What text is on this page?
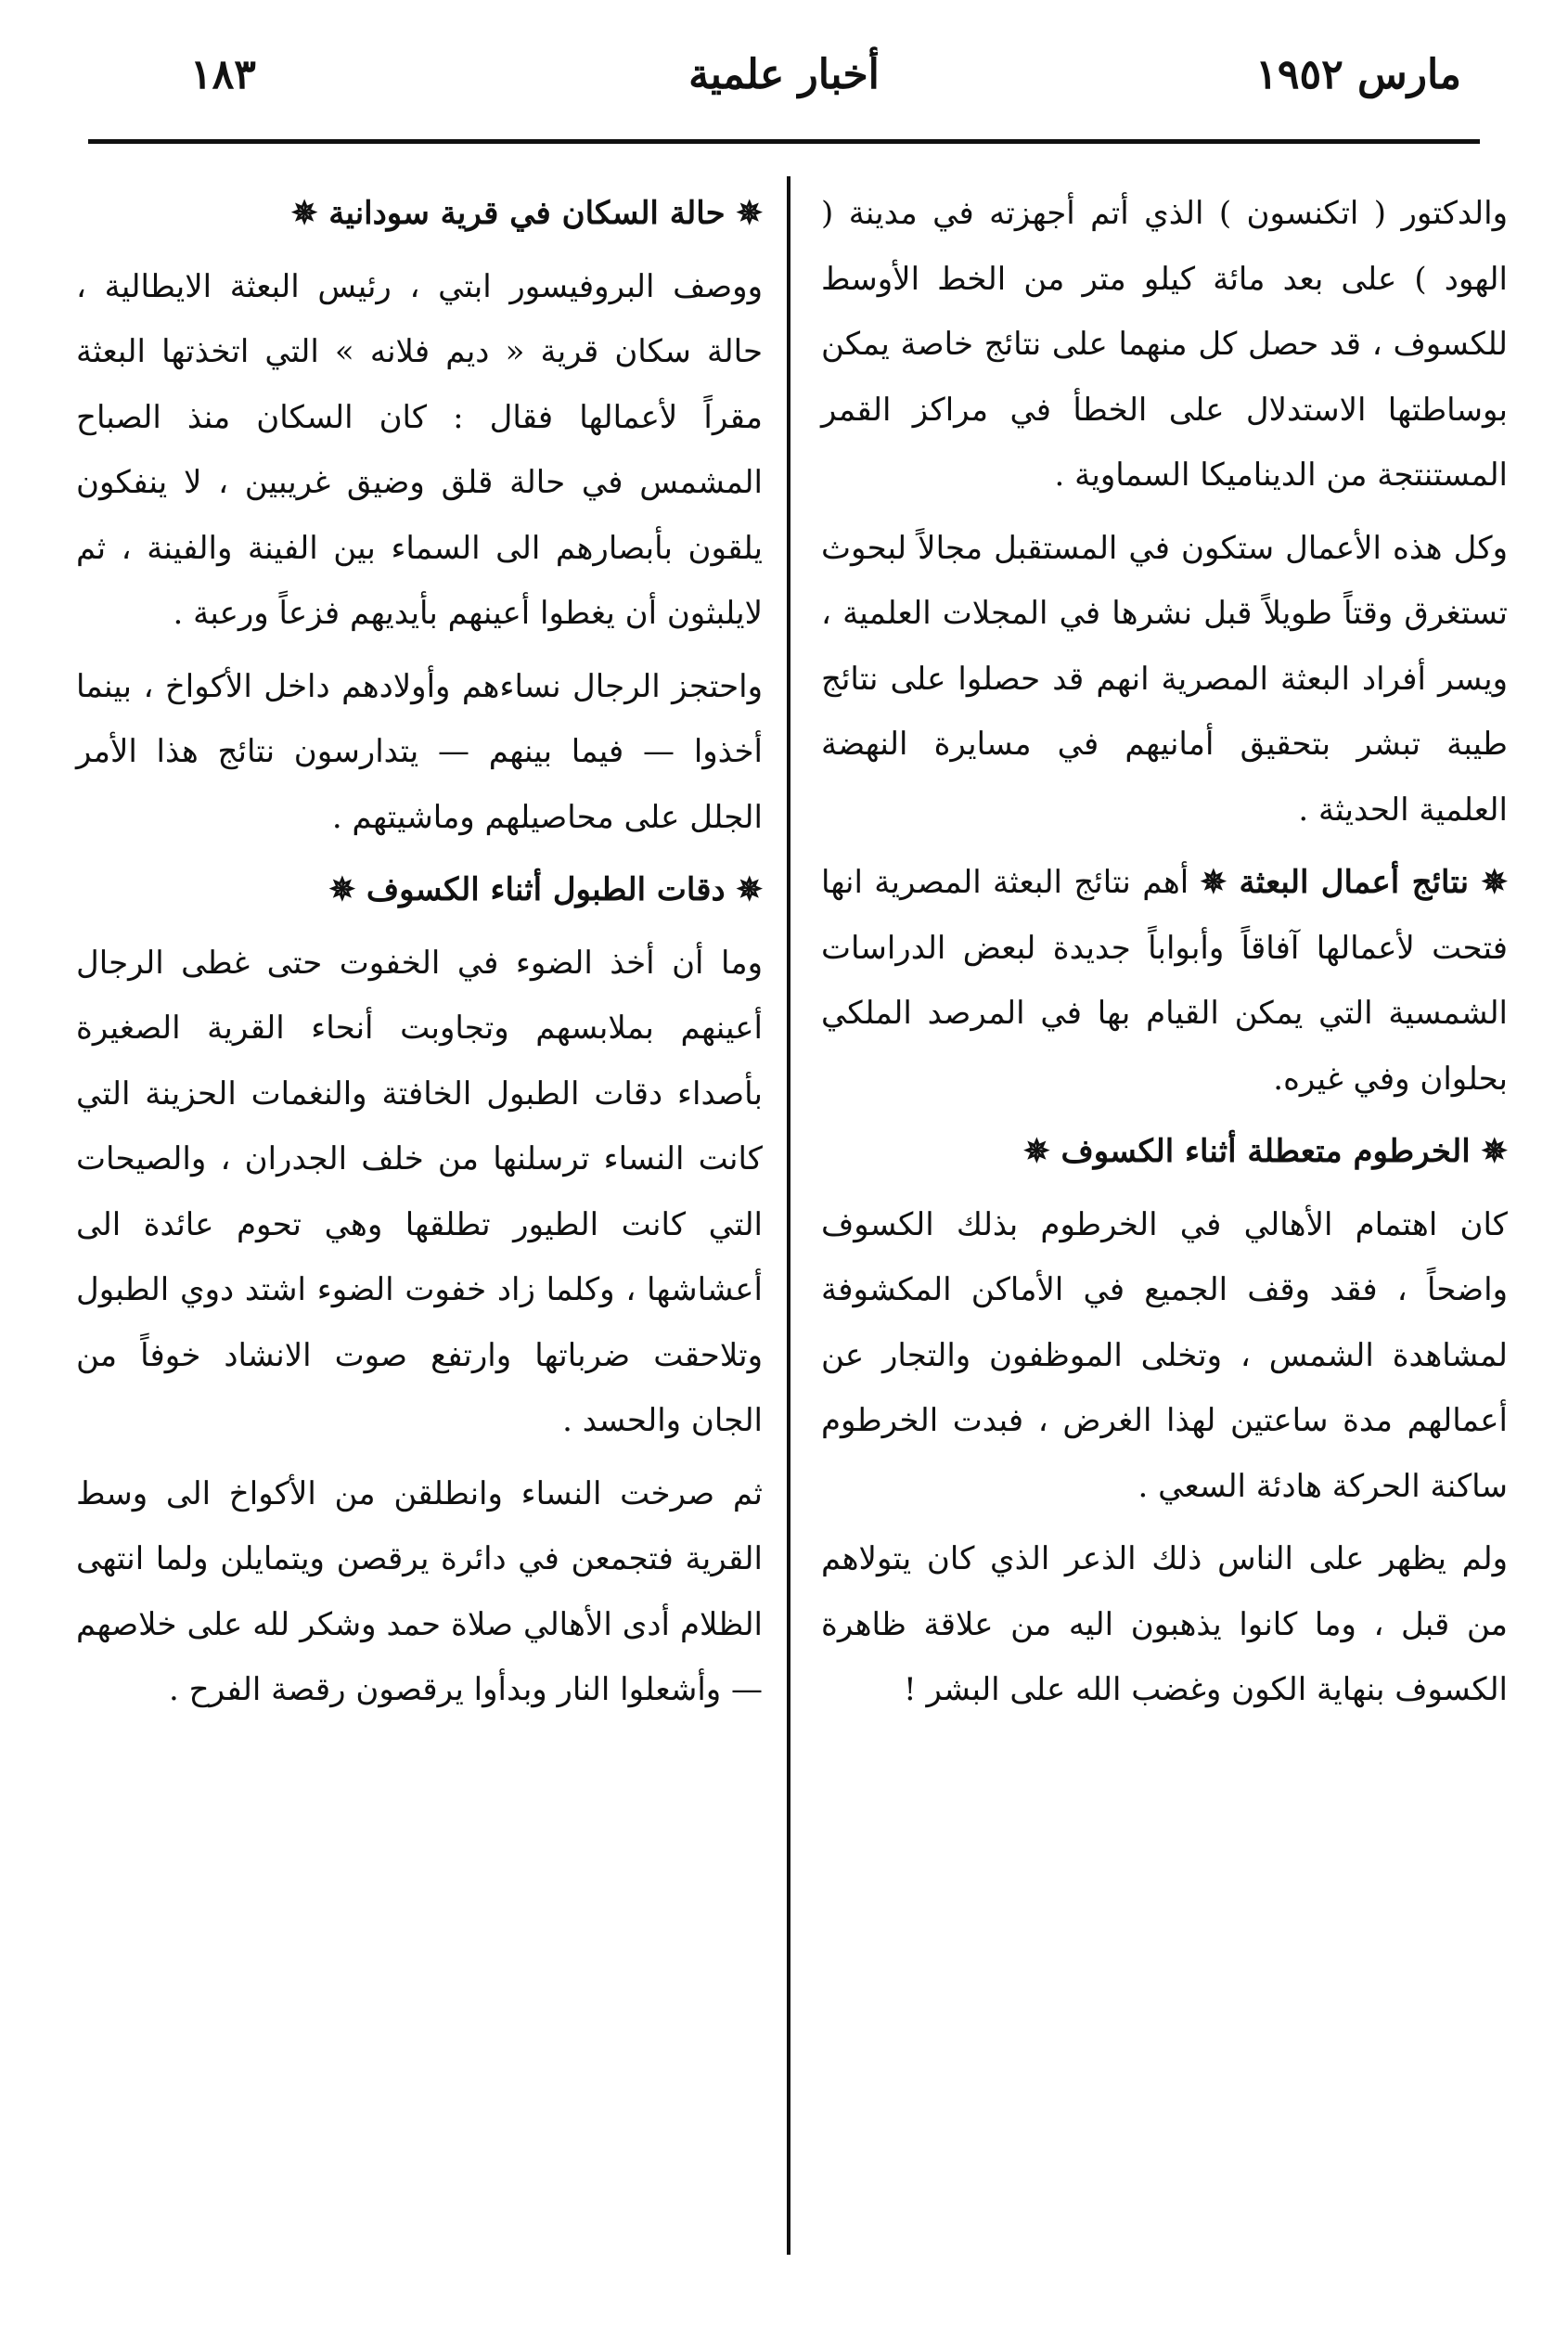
١٨٣	أخبار علمية	مارس ١٩٥٢

والدكتور ( اتكنسون ) الذي أتم أجهزته في مدينة ( الهود ) على بعد مائة كيلو متر من الخط الأوسط للكسوف ، قد حصل كل منهما على نتائج خاصة يمكن بوساطتها الاستدلال على الخطأ في مراكز القمر المستنتجة من الديناميكا السماوية .

وكل هذه الأعمال ستكون في المستقبل مجالاً لبحوث تستغرق وقتاً طويلاً قبل نشرها في المجلات العلمية ، ويسر أفراد البعثة المصرية انهم قد حصلوا على نتائج طيبة تبشر بتحقيق أمانيهم في مسايرة النهضة العلمية الحديثة .

✵ نتائج أعمال البعثة ✵ أهم نتائج البعثة المصرية انها فتحت لأعمالها آفاقاً وأبواباً جديدة لبعض الدراسات الشمسية التي يمكن القيام بها في المرصد الملكي بحلوان وفي غيره.

✵ الخرطوم متعطلة أثناء الكسوف ✵

كان اهتمام الأهالي في الخرطوم بذلك الكسوف واضحاً ، فقد وقف الجميع في الأماكن المكشوفة لمشاهدة الشمس ، وتخلى الموظفون والتجار عن أعمالهم مدة ساعتين لهذا الغرض ، فبدت الخرطوم ساكنة الحركة هادئة السعي .

ولم يظهر على الناس ذلك الذعر الذي كان يتولاهم من قبل ، وما كانوا يذهبون اليه من علاقة ظاهرة الكسوف بنهاية الكون وغضب الله على البشر !

✵ حالة السكان في قرية سودانية ✵

ووصف البروفيسور ابتي ، رئيس البعثة الايطالية ، حالة سكان قرية « ديم فلانه » التي اتخذتها البعثة مقراً لأعمالها فقال : كان السكان منذ الصباح المشمس في حالة قلق وضيق غريبين ، لا ينفكون يلقون بأبصارهم الى السماء بين الفينة والفينة ، ثم لايلبثون أن يغطوا أعينهم بأيديهم فزعاً ورعبة .

واحتجز الرجال نساءهم وأولادهم داخل الأكواخ ، بينما أخذوا — فيما بينهم — يتدارسون نتائج هذا الأمر الجلل على محاصيلهم وماشيتهم .

✵ دقات الطبول أثناء الكسوف ✵

وما أن أخذ الضوء في الخفوت حتى غطى الرجال أعينهم بملابسهم وتجاوبت أنحاء القرية الصغيرة بأصداء دقات الطبول الخافتة والنغمات الحزينة التي كانت النساء ترسلنها من خلف الجدران ، والصيحات التي كانت الطيور تطلقها وهي تحوم عائدة الى أعشاشها ، وكلما زاد خفوت الضوء اشتد دوي الطبول وتلاحقت ضرباتها وارتفع صوت الانشاد خوفاً من الجان والحسد .

ثم صرخت النساء وانطلقن من الأكواخ الى وسط القرية فتجمعن في دائرة يرقصن ويتمايلن ولما انتهى الظلام أدى الأهالي صلاة حمد وشكر لله على خلاصهم — وأشعلوا النار وبدأوا يرقصون رقصة الفرح .
